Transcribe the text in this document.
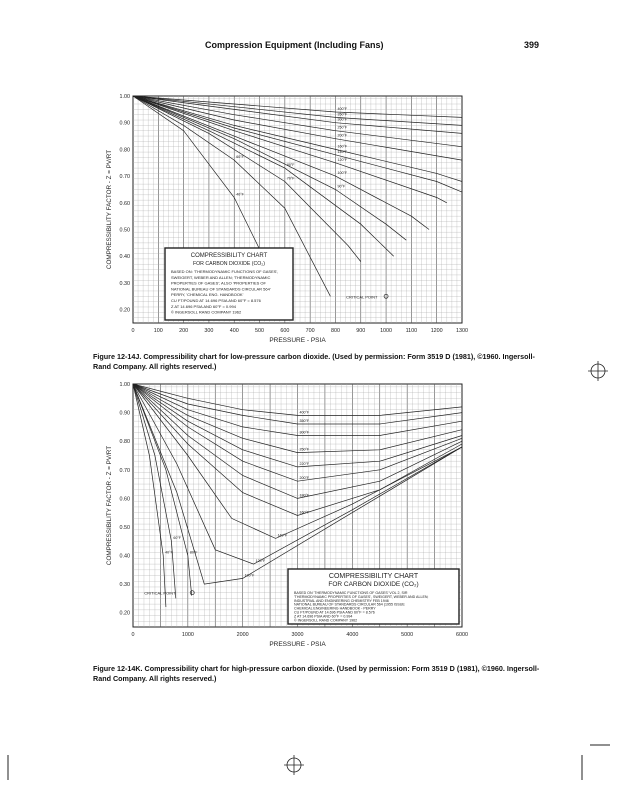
Compression Equipment (Including Fans)	399
0	100	200	300	400	500	600	700	800	900	1000	1100	1200 1300
1.00
0.90
0.80
0.70
0.60
0.50
0.40
0.30
0.20
PRESSURE - PSIA
COMPRESSIBILITY FACTOR - Z = PV/RT	40°F
60°F
70°F
80°F
90°F
100°F
120°F
140°F
160°F
200°F
250°F
300°F
350°F
400°F
CRITICAL POINT
COMPRESSIBILITY CHART
FOR CARBON DIOXIDE (CO₂)
BASED ON: 'THERMODYNAMIC FUNCTIONS OF GASES',
SWEIGERT, WEBER AND ALLEN; 'THERMODYNAMIC
PROPERTIES OF GASES'; ALSO 'PROPERTIES OF
NATIONAL BUREAU OF STANDARDS CIRCULAR 564'
PERRY, 'CHEMICAL ENG. HANDBOOK'
CU FT/POUND AT 14.696 PSIA AND 60°F = 8.576
Z AT 14.696 PSIA AND 60°F = 0.994
© INGERSOLL RAND COMPANY 1962
0	1000	2000	3000	4000	5000	6000
1.00
0.90
0.80
0.70
0.60
0.50
0.40
0.30
0.20
PRESSURE - PSIA
COMPRESSIBILITY FACTOR - Z = PV/RT	40°F
60°F
80°F
100°F
120°F
140°F
160°F
180°F
200°F
220°F
250°F
300°F
350°F
400°F
CRITICAL POINT
COMPRESSIBILITY CHART
FOR CARBON DIOXIDE (CO₂)
BASED ON 'THERMODYNAMIC FUNCTIONS OF GASES' VOL 2, SIR
'THERMODYNAMIC PROPERTIES OF GASES', SWEIGERT, WEBER AND ALLEN;
INDUSTRIAL AND ENGINEERING CHEMISTRY FEB 1946
NATIONAL BUREAU OF STANDARDS CIRCULAR 564 (1955 ISSUE
CHEMICAL ENGINEERING HANDBOOK - PERRY
CU FT/POUND AT 14.696 PSIA AND 60°F = 8.576
Z AT 14.696 PSIA AND 60°F = 0.994
© INGERSOLL RAND COMPANY 1962
Figure 12-14J. Compressibility chart for low-pressure carbon dioxide. (Used by permission: Form 3519 D (1981), ©1960. Ingersoll-Rand Company. All rights reserved.)
Figure 12-14K. Compressibility chart for high-pressure carbon dioxide. (Used by permission: Form 3519 D (1981), ©1960. Ingersoll-Rand Company. All rights reserved.)
